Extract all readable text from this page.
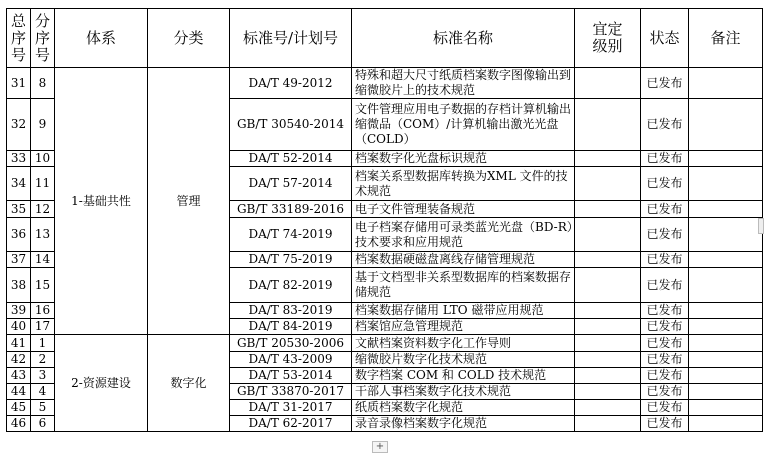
总序号	分序号	体系	分类	标准号/计划号	标准名称	宜定级别	状态	备注
31	8	1-基础共性	管理	DA/T 49-2012	特殊和超大尺寸纸质档案数字图像输出到缩微胶片上的技术规范		已发布	
32	9			GB/T 30540-2014	文件管理应用电子数据的存档计算机输出缩微品（COM）/计算机输出激光光盘（COLD）		已发布	
33	10			DA/T 52-2014	档案数字化光盘标识规范		已发布	
34	11			DA/T 57-2014	档案关系型数据库转换为XML 文件的技术规范		已发布	
35	12			GB/T 33189-2016	电子文件管理装备规范		已发布	
36	13			DA/T 74-2019	电子档案存储用可录类蓝光光盘（BD-R）技术要求和应用规范		已发布	
37	14			DA/T 75-2019	档案数据硬磁盘离线存储管理规范		已发布	
38	15			DA/T 82-2019	基于文档型非关系型数据库的档案数据存储规范		已发布	
39	16			DA/T 83-2019	档案数据存储用 LTO 磁带应用规范		已发布	
40	17			DA/T 84-2019	档案馆应急管理规范		已发布	
41	1	2-资源建设	数字化	GB/T 20530-2006	文献档案资料数字化工作导则		已发布	
42	2			DA/T 43-2009	缩微胶片数字化技术规范		已发布	
43	3			DA/T 53-2014	数字档案 COM 和 COLD 技术规范		已发布	
44	4			GB/T 33870-2017	干部人事档案数字化技术规范		已发布	
45	5			DA/T 31-2017	纸质档案数字化规范		已发布	
46	6			DA/T 62-2017	录音录像档案数字化规范		已发布	
+
